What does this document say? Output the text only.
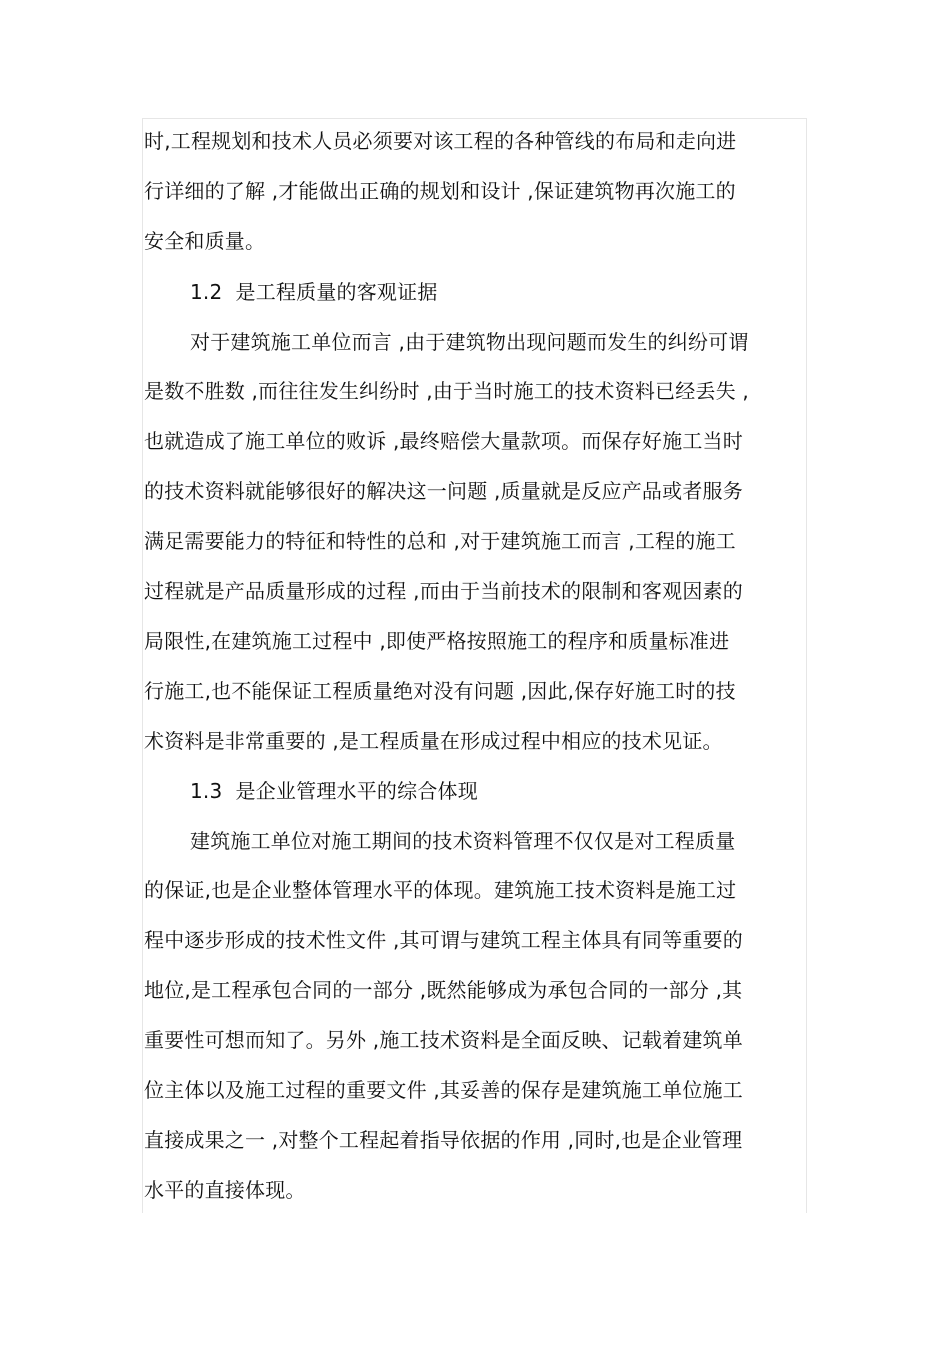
时,工程规划和技术人员必须要对该工程的各种管线的布局和走向进
行详细的了解 ,才能做出正确的规划和设计 ,保证建筑物再次施工的
安全和质量。
1.2  是工程质量的客观证据
对于建筑施工单位而言 ,由于建筑物出现问题而发生的纠纷可谓
是数不胜数 ,而往往发生纠纷时 ,由于当时施工的技术资料已经丢失 ,
也就造成了施工单位的败诉 ,最终赔偿大量款项。而保存好施工当时
的技术资料就能够很好的解决这一问题 ,质量就是反应产品或者服务
满足需要能力的特征和特性的总和 ,对于建筑施工而言 ,工程的施工
过程就是产品质量形成的过程 ,而由于当前技术的限制和客观因素的
局限性,在建筑施工过程中 ,即使严格按照施工的程序和质量标准进
行施工,也不能保证工程质量绝对没有问题 ,因此,保存好施工时的技
术资料是非常重要的 ,是工程质量在形成过程中相应的技术见证。
1.3  是企业管理水平的综合体现
建筑施工单位对施工期间的技术资料管理不仅仅是对工程质量
的保证,也是企业整体管理水平的体现。建筑施工技术资料是施工过
程中逐步形成的技术性文件 ,其可谓与建筑工程主体具有同等重要的
地位,是工程承包合同的一部分 ,既然能够成为承包合同的一部分 ,其
重要性可想而知了。另外 ,施工技术资料是全面反映、记载着建筑单
位主体以及施工过程的重要文件 ,其妥善的保存是建筑施工单位施工
直接成果之一 ,对整个工程起着指导依据的作用 ,同时,也是企业管理
水平的直接体现。
